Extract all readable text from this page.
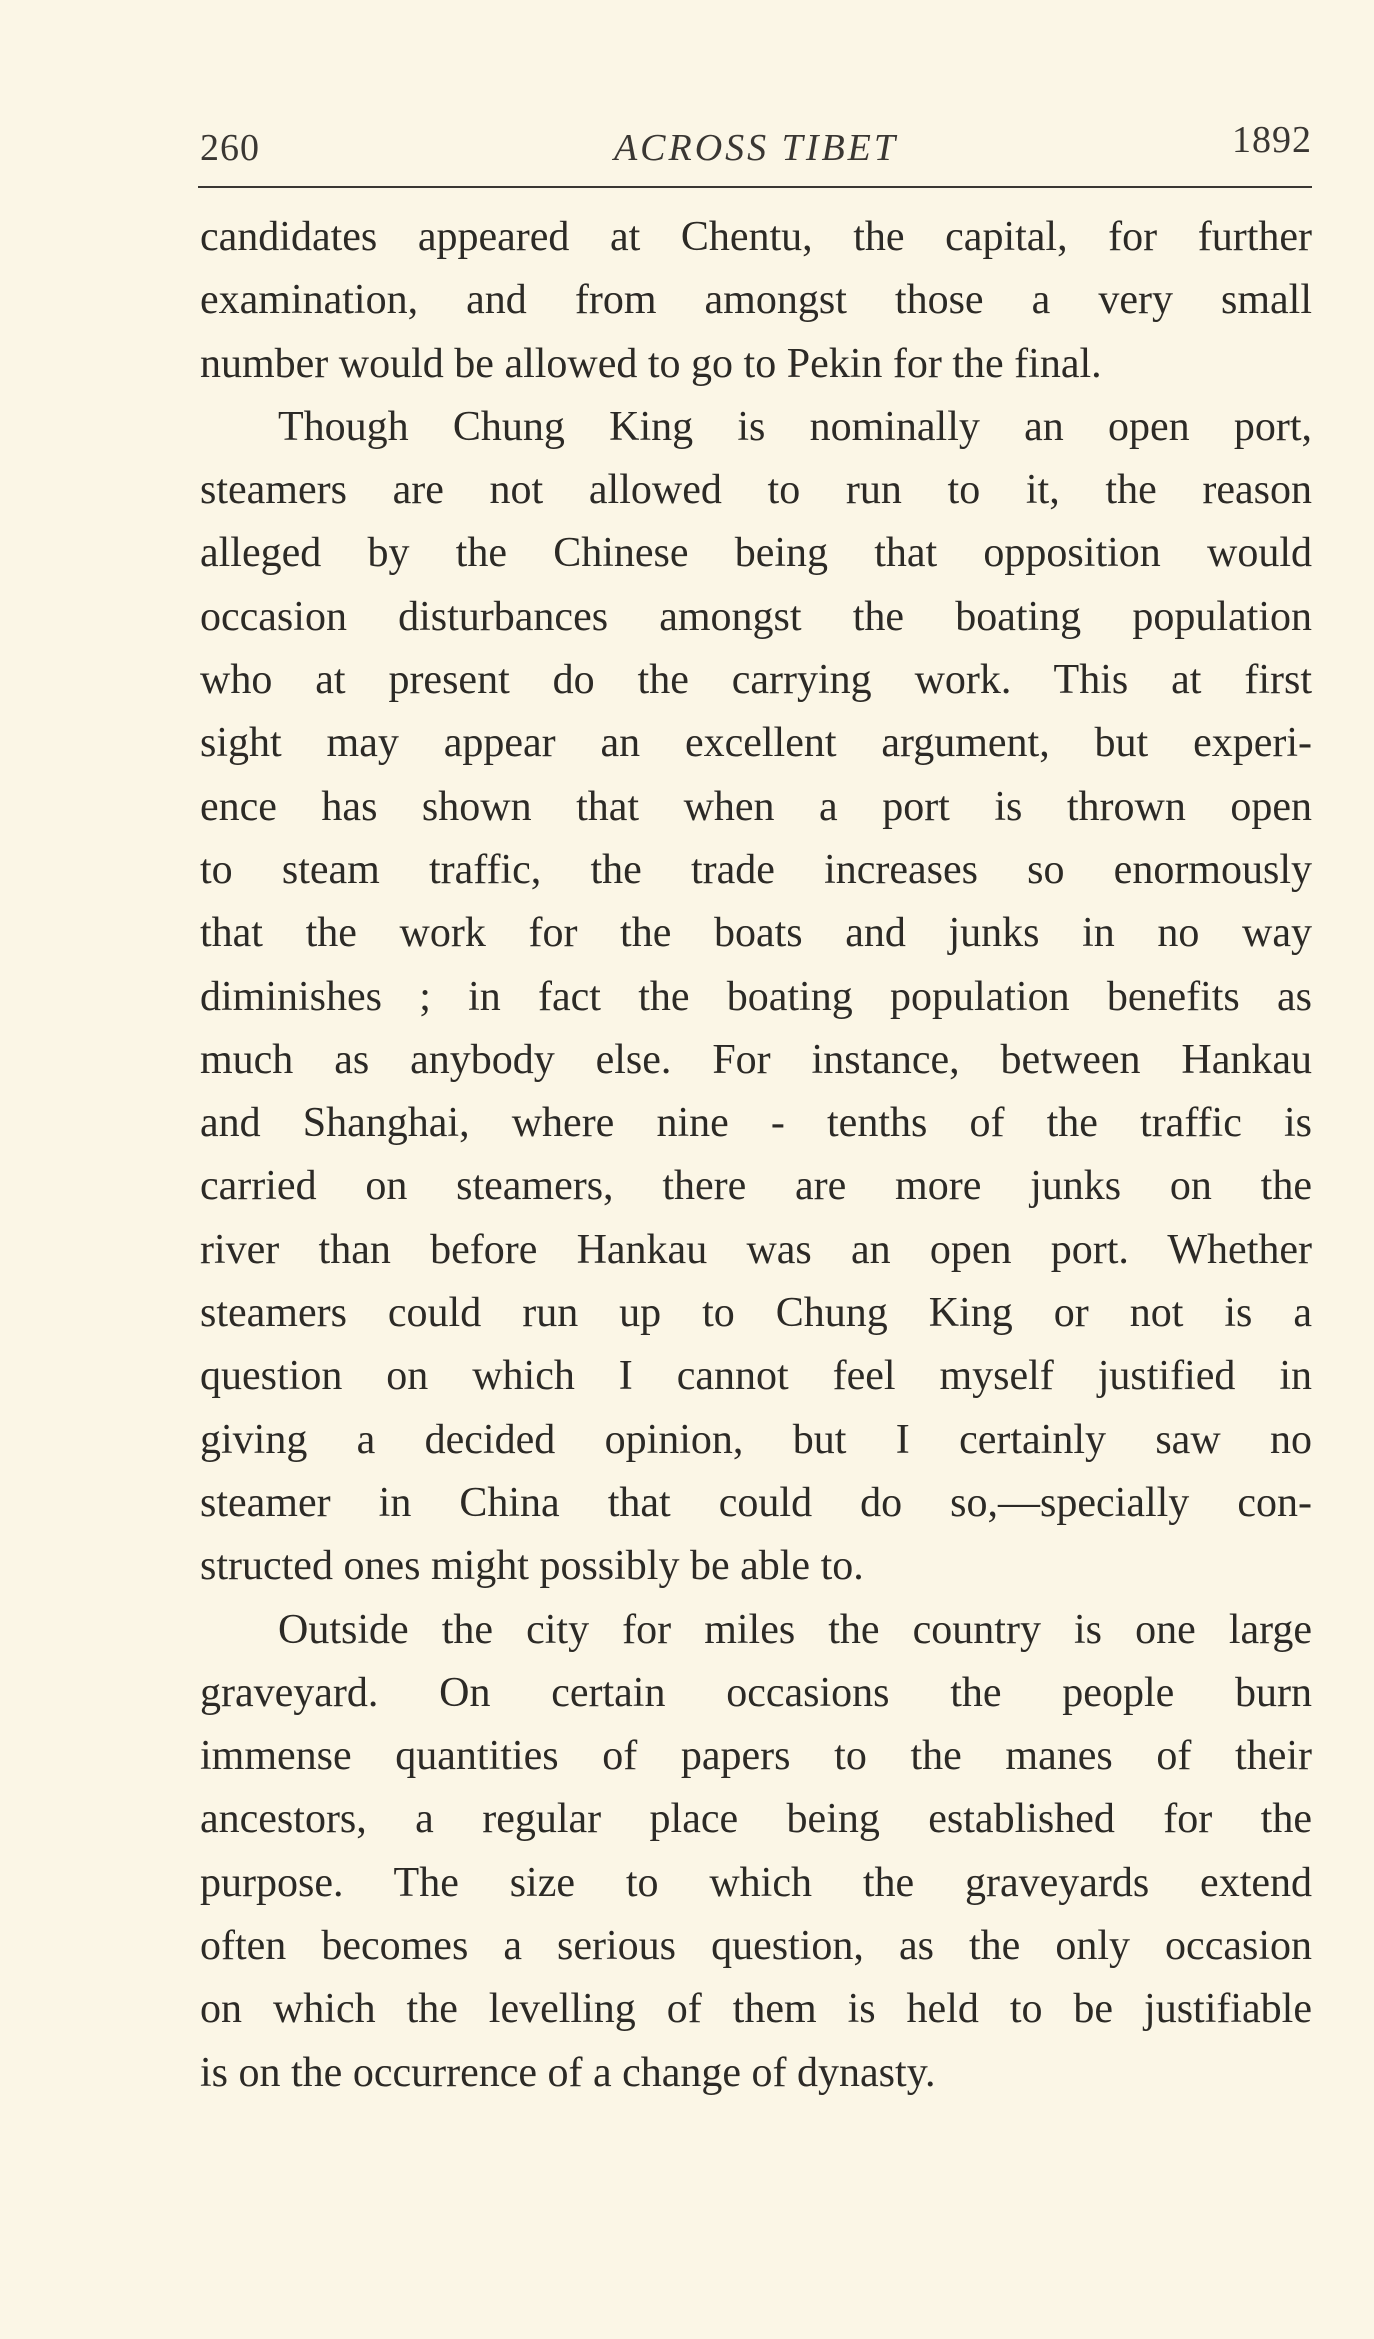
260	ACROSS TIBET	1892
candidates appeared at Chentu, the capital, for further
examination, and from amongst those a very small
number would be allowed to go to Pekin for the final.
Though Chung King is nominally an open port,
steamers are not allowed to run to it, the reason
alleged by the Chinese being that opposition would
occasion disturbances amongst the boating population
who at present do the carrying work. This at first
sight may appear an excellent argument, but experi-
ence has shown that when a port is thrown open
to steam traffic, the trade increases so enormously
that the work for the boats and junks in no way
diminishes ; in fact the boating population benefits as
much as anybody else. For instance, between Hankau
and Shanghai, where nine - tenths of the traffic is
carried on steamers, there are more junks on the
river than before Hankau was an open port. Whether
steamers could run up to Chung King or not is a
question on which I cannot feel myself justified in
giving a decided opinion, but I certainly saw no
steamer in China that could do so,—specially con-
structed ones might possibly be able to.
Outside the city for miles the country is one large
graveyard. On certain occasions the people burn
immense quantities of papers to the manes of their
ancestors, a regular place being established for the
purpose. The size to which the graveyards extend
often becomes a serious question, as the only occasion
on which the levelling of them is held to be justifiable
is on the occurrence of a change of dynasty.
